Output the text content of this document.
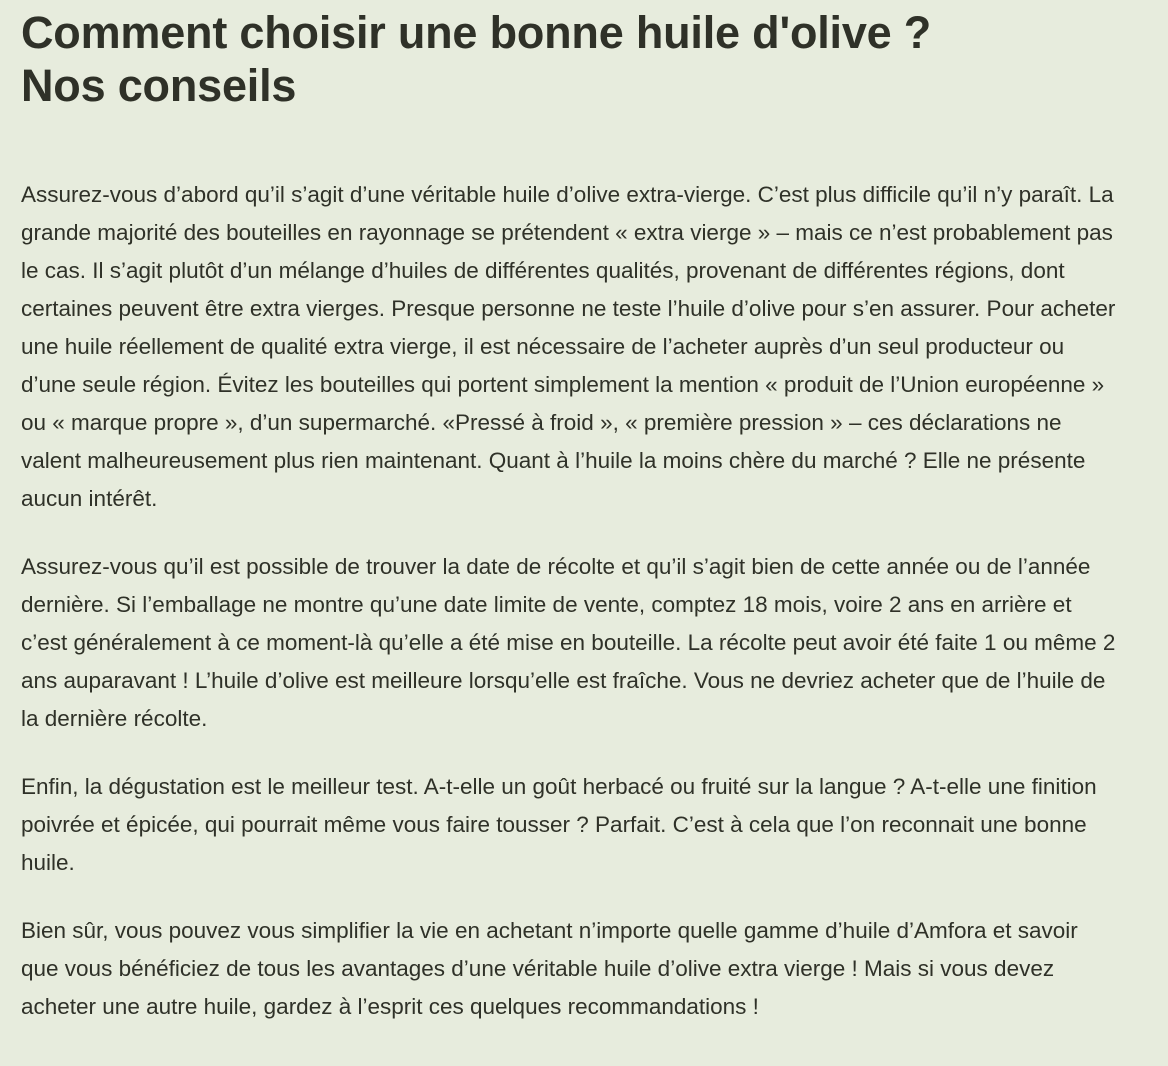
Comment choisir une bonne huile d'olive ?
Nos conseils

Assurez-vous d’abord qu’il s’agit d’une véritable huile d’olive extra-vierge. C’est plus difficile qu’il n’y paraît. La grande majorité des bouteilles en rayonnage se prétendent « extra vierge » – mais ce n’est probablement pas le cas. Il s’agit plutôt d’un mélange d’huiles de différentes qualités, provenant de différentes régions, dont certaines peuvent être extra vierges. Presque personne ne teste l’huile d’olive pour s’en assurer. Pour acheter une huile réellement de qualité extra vierge, il est nécessaire de l’acheter auprès d’un seul producteur ou d’une seule région. Évitez les bouteilles qui portent simplement la mention « produit de l’Union européenne » ou « marque propre », d’un supermarché. «Pressé à froid », « première pression » – ces déclarations ne valent malheureusement plus rien maintenant. Quant à l’huile la moins chère du marché ? Elle ne présente aucun intérêt.

Assurez-vous qu’il est possible de trouver la date de récolte et qu’il s’agit bien de cette année ou de l’année dernière. Si l’emballage ne montre qu’une date limite de vente, comptez 18 mois, voire 2 ans en arrière et c’est généralement à ce moment-là qu’elle a été mise en bouteille. La récolte peut avoir été faite 1 ou même 2 ans auparavant ! L’huile d’olive est meilleure lorsqu’elle est fraîche. Vous ne devriez acheter que de l’huile de la dernière récolte.

Enfin, la dégustation est le meilleur test. A-t-elle un goût herbacé ou fruité sur la langue ? A-t-elle une finition poivrée et épicée, qui pourrait même vous faire tousser ? Parfait. C’est à cela que l’on reconnait une bonne huile.

Bien sûr, vous pouvez vous simplifier la vie en achetant n’importe quelle gamme d’huile d’Amfora et savoir que vous bénéficiez de tous les avantages d’une véritable huile d’olive extra vierge ! Mais si vous devez acheter une autre huile, gardez à l’esprit ces quelques recommandations !
